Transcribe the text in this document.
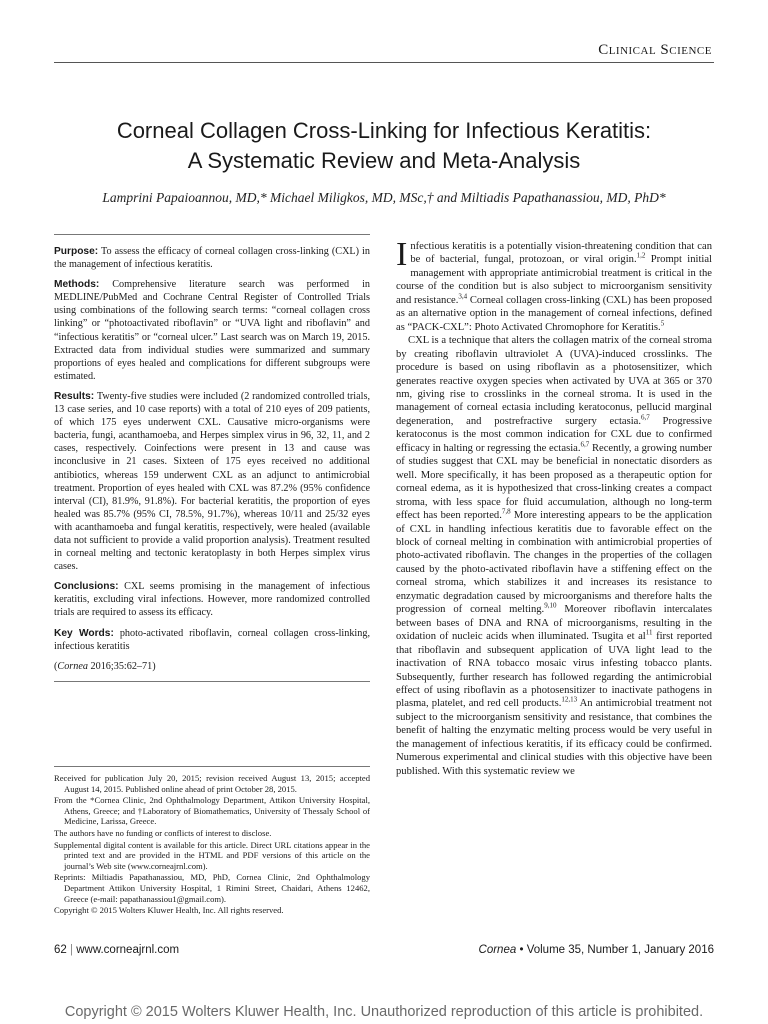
Clinical Science
Corneal Collagen Cross-Linking for Infectious Keratitis:
A Systematic Review and Meta-Analysis
Lamprini Papaioannou, MD,* Michael Miligkos, MD, MSc,† and Miltiadis Papathanassiou, MD, PhD*

Purpose: To assess the efficacy of corneal collagen cross-linking (CXL) in the management of infectious keratitis.

Methods: Comprehensive literature search was performed in MEDLINE/PubMed and Cochrane Central Register of Controlled Trials using combinations of the following search terms: “corneal collagen cross linking” or “photoactivated riboflavin” or “UVA light and riboflavin” and “infectious keratitis” or “corneal ulcer.” Last search was on March 19, 2015. Extracted data from individual studies were summarized and summary proportions of eyes healed and complications for different subgroups were estimated.

Results: Twenty-five studies were included (2 randomized controlled trials, 13 case series, and 10 case reports) with a total of 210 eyes of 209 patients, of which 175 eyes underwent CXL. Causative micro-organisms were bacteria, fungi, acanthamoeba, and Herpes simplex virus in 96, 32, 11, and 2 cases, respectively. Coinfections were present in 13 and cause was inconclusive in 21 cases. Sixteen of 175 eyes received no additional antibiotics, whereas 159 underwent CXL as an adjunct to antimicrobial treatment. Proportion of eyes healed with CXL was 87.2% (95% confidence interval (CI), 81.9%, 91.8%). For bacterial keratitis, the proportion of eyes healed was 85.7% (95% CI, 78.5%, 91.7%), whereas 10/11 and 25/32 eyes with acanthamoeba and fungal keratitis, respectively, were healed (available data not sufficient to provide a valid proportion analysis). Treatment resulted in corneal melting and tectonic keratoplasty in both Herpes simplex virus cases.

Conclusions: CXL seems promising in the management of infectious keratitis, excluding viral infections. However, more randomized controlled trials are required to assess its efficacy.

Key Words: photo-activated riboflavin, corneal collagen cross-linking, infectious keratitis

(Cornea 2016;35:62–71)

Received for publication July 20, 2015; revision received August 13, 2015; accepted August 14, 2015. Published online ahead of print October 28, 2015.

From the *Cornea Clinic, 2nd Ophthalmology Department, Attikon University Hospital, Athens, Greece; and †Laboratory of Biomathematics, University of Thessaly School of Medicine, Larissa, Greece.

The authors have no funding or conflicts of interest to disclose.

Supplemental digital content is available for this article. Direct URL citations appear in the printed text and are provided in the HTML and PDF versions of this article on the journal’s Web site (www.corneajrnl.com).

Reprints: Miltiadis Papathanassiou, MD, PhD, Cornea Clinic, 2nd Ophthalmology Department Attikon University Hospital, 1 Rimini Street, Chaidari, Athens 12462, Greece (e-mail: papathanassiou1@gmail.com).

Copyright © 2015 Wolters Kluwer Health, Inc. All rights reserved.

Infectious keratitis is a potentially vision-threatening condition that can be of bacterial, fungal, protozoan, or viral origin.$^{1,2}$ Prompt initial management with appropriate antimicrobial treatment is critical in the course of the condition but is also subject to microorganism sensitivity and resistance.$^{3,4}$ Corneal collagen cross-linking (CXL) has been proposed as an alternative option in the management of corneal infections, defined as “PACK-CXL”: Photo Activated Chromophore for Keratitis.$^5$

CXL is a technique that alters the collagen matrix of the corneal stroma by creating riboflavin ultraviolet A (UVA)-induced crosslinks. The procedure is based on using riboflavin as a photosensitizer, which generates reactive oxygen species when activated by UVA at 365 or 370 nm, giving rise to crosslinks in the corneal stroma. It is used in the management of corneal ectasia including keratoconus, pellucid marginal degeneration, and postrefractive surgery ectasia.$^{6,7}$ Progressive keratoconus is the most common indication for CXL due to confirmed efficacy in halting or regressing the ectasia.$^{6,7}$ Recently, a growing number of studies suggest that CXL may be beneficial in nonectatic disorders as well. More specifically, it has been proposed as a therapeutic option for corneal edema, as it is hypothesized that cross-linking creates a compact stroma, with less space for fluid accumulation, although no long-term effect has been reported.$^{7,8}$ More interesting appears to be the application of CXL in handling infectious keratitis due to favorable effect on the block of corneal melting in combination with antimicrobial properties of photo-activated riboflavin. The changes in the properties of the collagen caused by the photo-activated riboflavin have a stiffening effect on the corneal stroma, which stabilizes it and increases its resistance to enzymatic degradation caused by microorganisms and therefore halts the progression of corneal melting.$^{9,10}$ Moreover riboflavin intercalates between bases of DNA and RNA of microorganisms, resulting in the oxidation of nucleic acids when illuminated. Tsugita et $al^{11}$ first reported that riboflavin and subsequent application of UVA light lead to the inactivation of RNA tobacco mosaic virus infesting tobacco plants. Subsequently, further research has followed regarding the antimicrobial effect of using riboflavin as a photosensitizer to inactivate pathogens in plasma, platelet, and red cell products.$^{12,13}$ An antimicrobial treatment not subject to the microorganism sensitivity and resistance, that combines the benefit of halting the enzymatic melting process would be very useful in the management of infectious keratitis, if its efficacy could be confirmed. Numerous experimental and clinical studies with this objective have been published. With this systematic review we

62 | www.corneajrnl.com	Cornea • Volume 35, Number 1, January 2016
Copyright © 2015 Wolters Kluwer Health, Inc. Unauthorized reproduction of this article is prohibited.
